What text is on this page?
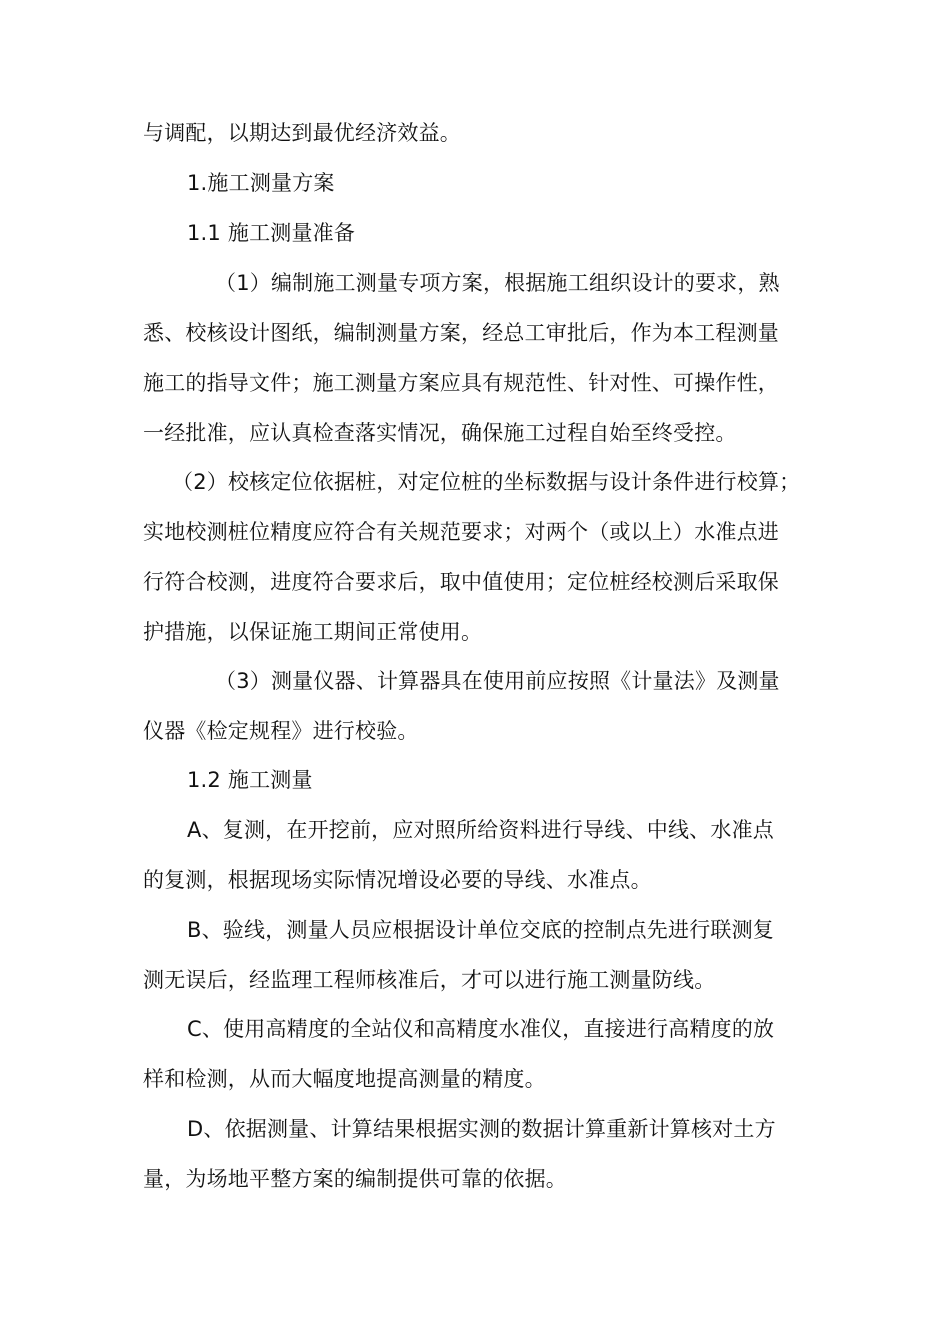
与调配，以期达到最优经济效益。
1.施工测量方案
1.1 施工测量准备
（1）编制施工测量专项方案，根据施工组织设计的要求，熟
悉、校核设计图纸，编制测量方案，经总工审批后，作为本工程测量
施工的指导文件；施工测量方案应具有规范性、针对性、可操作性，
一经批准，应认真检查落实情况，确保施工过程自始至终受控。
（2）校核定位依据桩，对定位桩的坐标数据与设计条件进行校算；
实地校测桩位精度应符合有关规范要求；对两个（或以上）水准点进
行符合校测，进度符合要求后，取中值使用；定位桩经校测后采取保
护措施，以保证施工期间正常使用。
（3）测量仪器、计算器具在使用前应按照《计量法》及测量
仪器《检定规程》进行校验。
1.2 施工测量
A、复测，在开挖前，应对照所给资料进行导线、中线、水准点
的复测，根据现场实际情况增设必要的导线、水准点。
B、验线，测量人员应根据设计单位交底的控制点先进行联测复
测无误后，经监理工程师核准后，才可以进行施工测量防线。
C、使用高精度的全站仪和高精度水准仪，直接进行高精度的放
样和检测，从而大幅度地提高测量的精度。
D、依据测量、计算结果根据实测的数据计算重新计算核对土方
量，为场地平整方案的编制提供可靠的依据。
